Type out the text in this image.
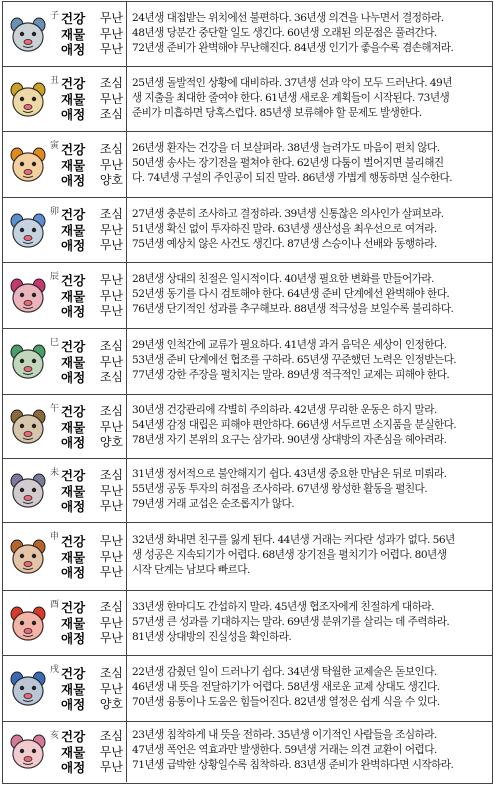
子 건강 무난
재물 무난
애정 무난
24년생 대접받는 위치에선 불편하다. 36년생 의견을 나누면서 결정하라.
48년생 당분간 중단할 일도 생긴다. 60년생 오래된 의문점은 풀려간다.
72년생 준비가 완벽해야 무난해진다. 84년생 인기가 좋을수록 겸손해져라.
丑 건강 조심
재물 무난
애정 조심
25년생 돌발적인 상황에 대비하라. 37년생 선과 악이 모두 드러난다. 49년
생 지출을 최대한 줄여야 한다. 61년생 새로운 계획들이 시작된다. 73년생
준비가 미흡하면 당혹스럽다. 85년생 보류해야 할 문제도 발생한다.
寅 건강 조심
재물 무난
애정 양호
26년생 환자는 건강을 더 보살펴라. 38년생 늘려가도 마음이 편치 않다.
50년생 송사는 장기전을 펼쳐야 한다. 62년생 다툼이 벌어지면 불리해진
다. 74년생 구설의 주인공이 되진 말라. 86년생 가볍게 행동하면 실수한다.
卯 건강 조심
재물 무난
애정 무난
27년생 충분히 조사하고 결정하라. 39년생 신통찮은 의사인가 살펴보라.
51년생 확신 없이 투자하진 말라. 63년생 생산성을 최우선으로 여겨라.
75년생 예상치 않은 사건도 생긴다. 87년생 스승이나 선배와 동행하라.
辰 건강 무난
재물 무난
애정 무난
28년생 상대의 친절은 일시적이다. 40년생 필요한 변화를 만들어가라.
52년생 동기를 다시 검토해야 한다. 64년생 준비 단계에선 완벽해야 한다.
76년생 단기적인 성과를 추구해보라. 88년생 적극성을 보일수록 불리하다.
巳 건강 조심
재물 무난
애정 조심
29년생 인척간에 교류가 필요하다. 41년생 과거 음덕은 세상이 인정한다.
53년생 준비 단계에선 협조를 구하라. 65년생 꾸준했던 노력은 인정받는다.
77년생 강한 주장을 펼치지는 말라. 89년생 적극적인 교제는 피해야 한다.
午 건강 조심
재물 무난
애정 양호
30년생 건강관리에 각별히 주의하라. 42년생 무리한 운동은 하지 말라.
54년생 감정 대립은 피해야 편안하다. 66년생 서두르면 소지품을 분실한다.
78년생 자기 본위의 요구는 삼가라. 90년생 상대방의 자존심을 헤아려라.
未 건강 조심
재물 무난
애정 무난
31년생 정서적으로 불안해지기 쉽다. 43년생 중요한 만남은 뒤로 미뤄라.
55년생 공동 투자의 허점을 조사하라. 67년생 왕성한 활동을 펼친다.
79년생 거래 교섭은 순조롭지가 않다.
申 건강 무난
재물 무난
애정 무난
32년생 화내면 친구를 잃게 된다. 44년생 거래는 커다란 성과가 없다. 56년
생 성공은 지속되기가 어렵다. 68년생 장기전을 펼치기가 어렵다. 80년생
시작 단계는 남보다 빠르다.
酉 건강 조심
재물 무난
애정 무난
33년생 한마디도 간섭하지 말라. 45년생 협조자에게 친절하게 대하라.
57년생 큰 성과를 기대하지는 말라. 69년생 분위기를 살리는 데 주력하라.
81년생 상대방의 진실성을 확인하라.
戌 건강 조심
재물 무난
애정 양호
22년생 감췄던 일이 드러나기 쉽다. 34년생 탁월한 교제술은 돋보인다.
46년생 내 뜻을 전달하기가 어렵다. 58년생 새로운 교제 상대도 생긴다.
70년생 융통이나 도움은 힘들어진다. 82년생 열정은 쉽게 식을 수 있다.
亥 건강 조심
재물 무난
애정 무난
23년생 침착하게 내 뜻을 전하라. 35년생 이기적인 사람들을 조심하라.
47년생 폭언은 역효과만 발생한다. 59년생 거래는 의견 교환이 어렵다.
71년생 급박한 상황일수록 침착하라. 83년생 준비가 완벽하다면 시작하라.
